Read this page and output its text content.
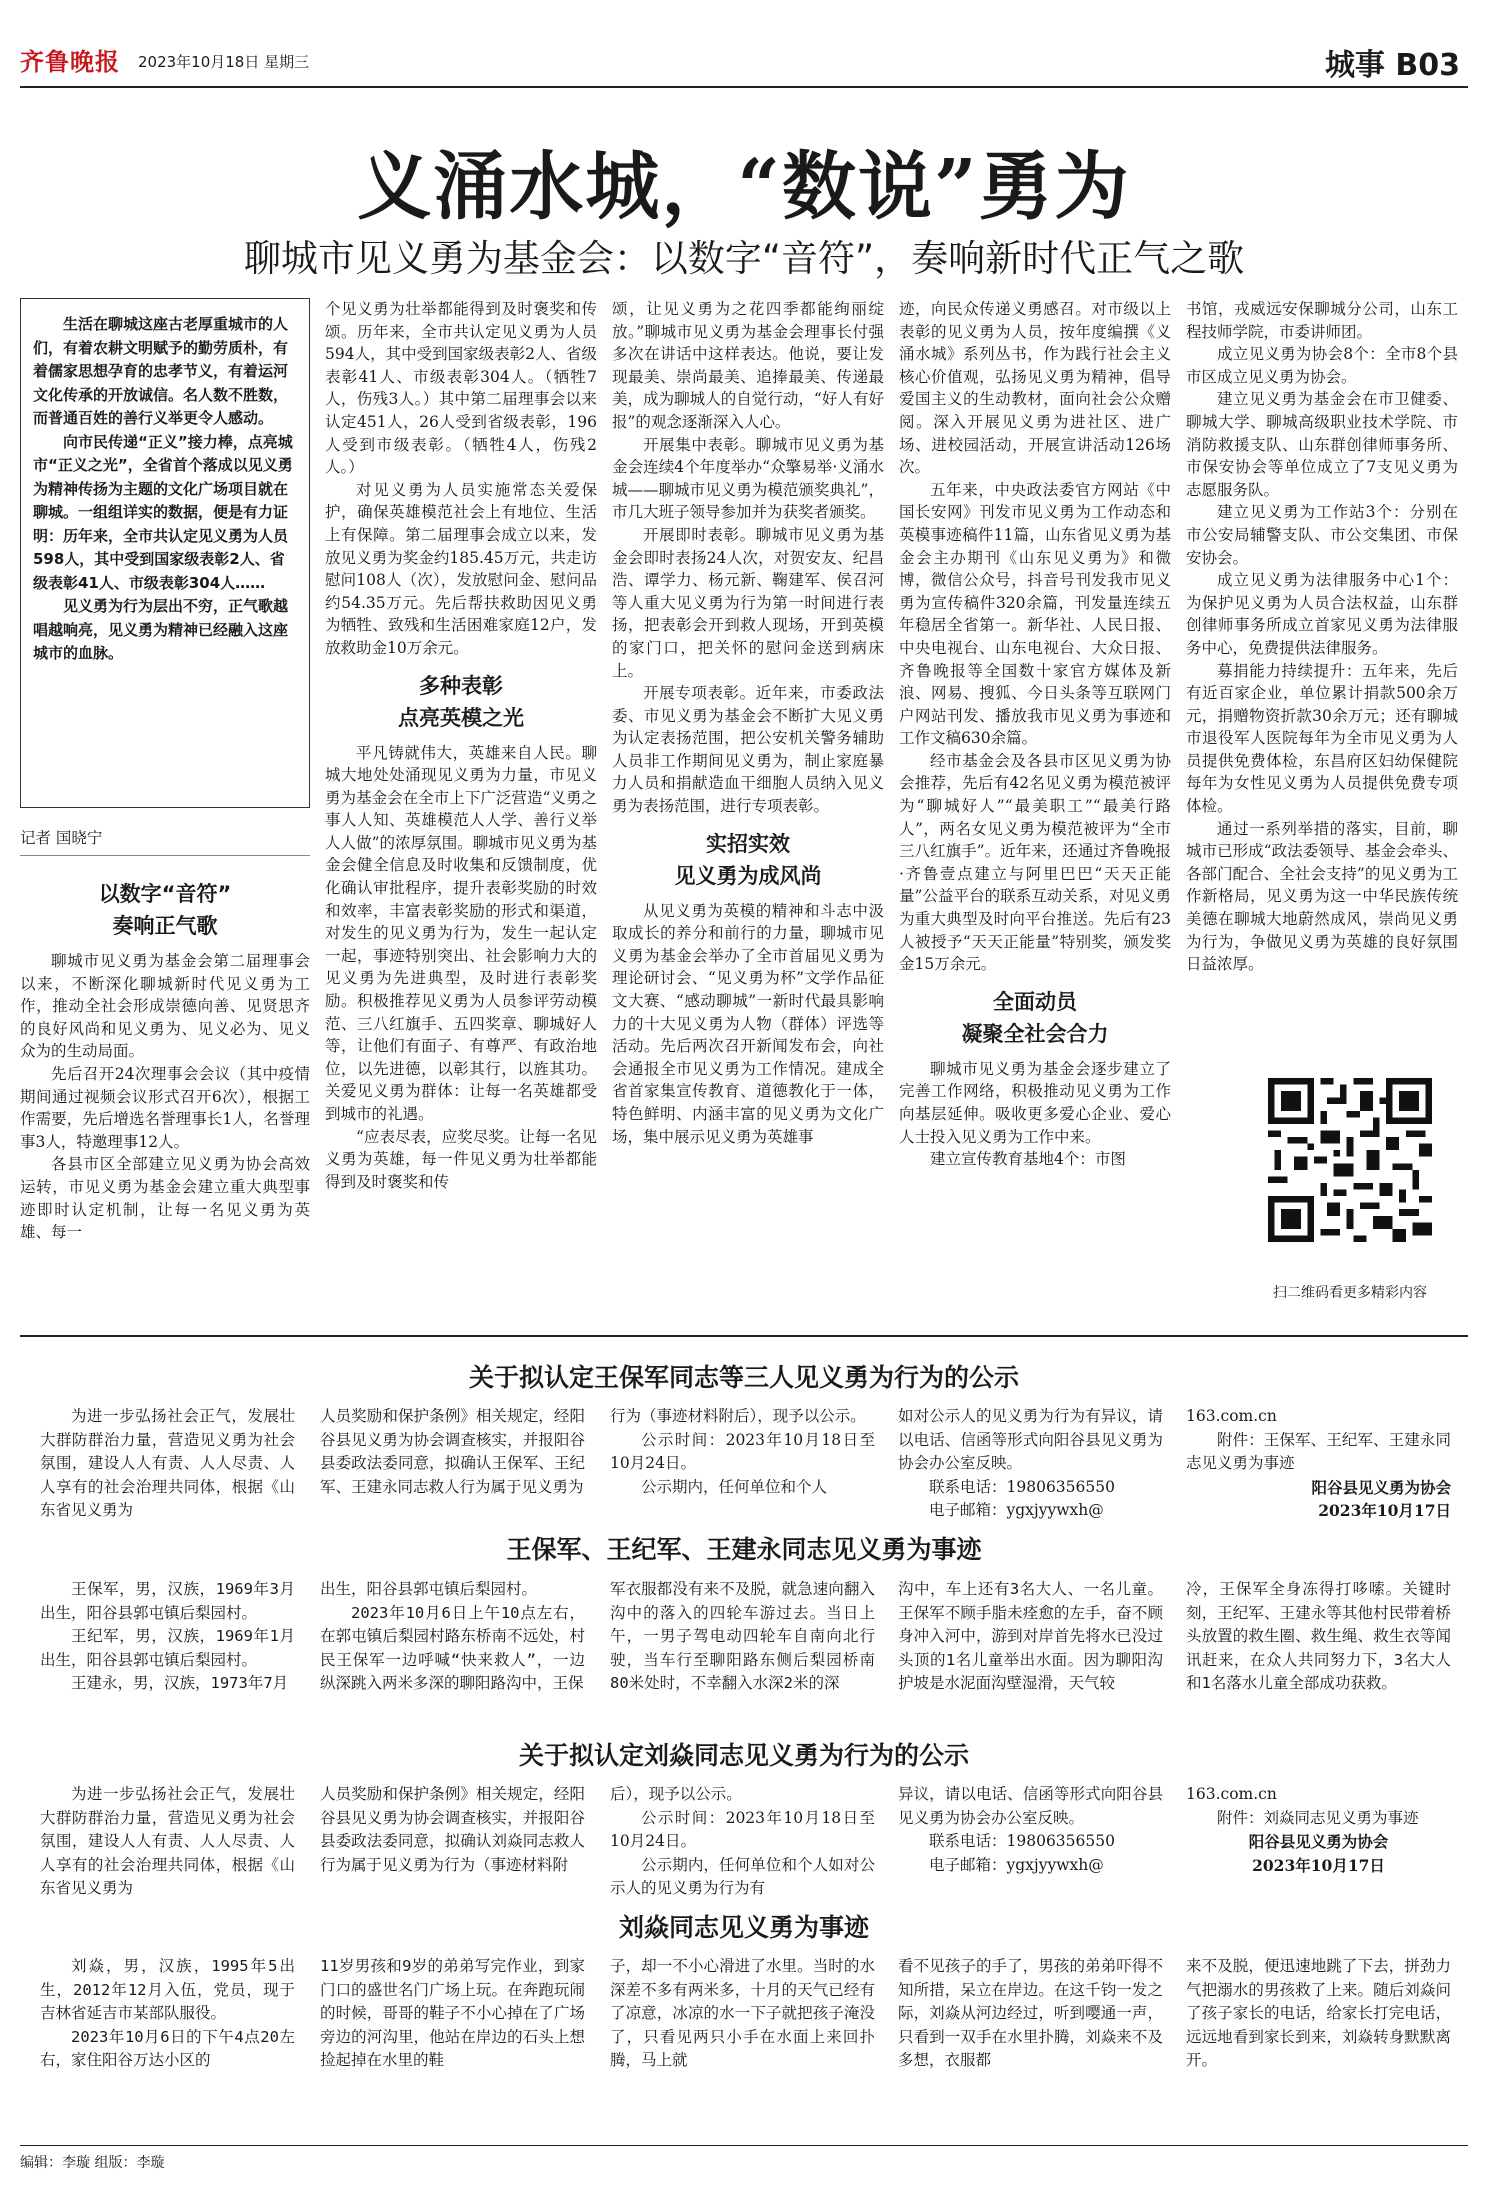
齐鲁晚报 2023年10月18日 星期三	城事 B03
义涌水城，“数说”勇为
聊城市见义勇为基金会：以数字“音符”，奏响新时代正气之歌

生活在聊城这座古老厚重城市的人们，有着农耕文明赋予的勤劳质朴，有着儒家思想孕育的忠孝节义，有着运河文化传承的开放诚信。名人数不胜数，而普通百姓的善行义举更令人感动。

向市民传递“正义”接力棒，点亮城市“正义之光”，全省首个落成以见义勇为精神传扬为主题的文化广场项目就在聊城。一组组详实的数据，便是有力证明：历年来，全市共认定见义勇为人员598人，其中受到国家级表彰2人、省级表彰41人、市级表彰304人……

见义勇为行为层出不穷，正气歌越唱越响亮，见义勇为精神已经融入这座城市的血脉。

记者 国晓宁
以数字“音符”
奏响正气歌

聊城市见义勇为基金会第二届理事会以来，不断深化聊城新时代见义勇为工作，推动全社会形成崇德向善、见贤思齐的良好风尚和见义勇为、见义必为、见义众为的生动局面。

先后召开24次理事会会议（其中疫情期间通过视频会议形式召开6次），根据工作需要，先后增选名誉理事长1人，名誉理事3人，特邀理事12人。

各县市区全部建立见义勇为协会高效运转，市见义勇为基金会建立重大典型事迹即时认定机制，让每一名见义勇为英雄、每一

个见义勇为壮举都能得到及时褒奖和传颂。历年来，全市共认定见义勇为人员594人，其中受到国家级表彰2人、省级表彰41人、市级表彰304人。（牺牲7人，伤残3人。）其中第二届理事会以来认定451人，26人受到省级表彰，196人受到市级表彰。（牺牲4人，伤残2人。）

对见义勇为人员实施常态关爱保护，确保英雄模范社会上有地位、生活上有保障。第二届理事会成立以来，发放见义勇为奖金约185.45万元，共走访慰问108人（次），发放慰问金、慰问品约54.35万元。先后帮扶救助因见义勇为牺牲、致残和生活困难家庭12户，发放救助金10万余元。

多种表彰
点亮英模之光

平凡铸就伟大，英雄来自人民。聊城大地处处涌现见义勇为力量，市见义勇为基金会在全市上下广泛营造“义勇之事人人知、英雄模范人人学、善行义举人人做”的浓厚氛围。聊城市见义勇为基金会健全信息及时收集和反馈制度，优化确认审批程序，提升表彰奖励的时效和效率，丰富表彰奖励的形式和渠道，对发生的见义勇为行为，发生一起认定一起，事迹特别突出、社会影响力大的见义勇为先进典型，及时进行表彰奖励。积极推荐见义勇为人员参评劳动模范、三八红旗手、五四奖章、聊城好人等，让他们有面子、有尊严、有政治地位，以先进德，以彰其行，以旌其功。关爱见义勇为群体：让每一名英雄都受到城市的礼遇。

“应表尽表，应奖尽奖。让每一名见义勇为英雄，每一件见义勇为壮举都能得到及时褒奖和传

颂，让见义勇为之花四季都能绚丽绽放。”聊城市见义勇为基金会理事长付强多次在讲话中这样表达。他说，要让发现最美、崇尚最美、追捧最美、传递最美，成为聊城人的自觉行动，“好人有好报”的观念逐渐深入人心。

开展集中表彰。聊城市见义勇为基金会连续4个年度举办“众擎易举·义涌水城——聊城市见义勇为模范颁奖典礼”，市几大班子领导参加并为获奖者颁奖。

开展即时表彰。聊城市见义勇为基金会即时表扬24人次，对贺安友、纪昌浩、谭学力、杨元新、鞠建军、侯召河等人重大见义勇为行为第一时间进行表扬，把表彰会开到救人现场，开到英模的家门口，把关怀的慰问金送到病床上。

开展专项表彰。近年来，市委政法委、市见义勇为基金会不断扩大见义勇为认定表扬范围，把公安机关警务辅助人员非工作期间见义勇为，制止家庭暴力人员和捐献造血干细胞人员纳入见义勇为表扬范围，进行专项表彰。

实招实效
见义勇为成风尚

从见义勇为英模的精神和斗志中汲取成长的养分和前行的力量，聊城市见义勇为基金会举办了全市首届见义勇为理论研讨会、“见义勇为杯”文学作品征文大赛、“感动聊城”一新时代最具影响力的十大见义勇为人物（群体）评选等活动。先后两次召开新闻发布会，向社会通报全市见义勇为工作情况。建成全省首家集宣传教育、道德教化于一体，特色鲜明、内涵丰富的见义勇为文化广场，集中展示见义勇为英雄事

迹，向民众传递义勇感召。对市级以上表彰的见义勇为人员，按年度编撰《义涌水城》系列丛书，作为践行社会主义核心价值观，弘扬见义勇为精神，倡导爱国主义的生动教材，面向社会公众赠阅。深入开展见义勇为进社区、进广场、进校园活动，开展宣讲活动126场次。

五年来，中央政法委官方网站《中国长安网》刊发市见义勇为工作动态和英模事迹稿件11篇，山东省见义勇为基金会主办期刊《山东见义勇为》和微博，微信公众号，抖音号刊发我市见义勇为宣传稿件320余篇，刊发量连续五年稳居全省第一。新华社、人民日报、中央电视台、山东电视台、大众日报、齐鲁晚报等全国数十家官方媒体及新浪、网易、搜狐、今日头条等互联网门户网站刊发、播放我市见义勇为事迹和工作文稿630余篇。

经市基金会及各县市区见义勇为协会推荐，先后有42名见义勇为模范被评为“聊城好人”“最美职工”“最美行路人”，两名女见义勇为模范被评为“全市三八红旗手”。近年来，还通过齐鲁晚报·齐鲁壹点建立与阿里巴巴“天天正能量”公益平台的联系互动关系，对见义勇为重大典型及时向平台推送。先后有23人被授予“天天正能量”特别奖，颁发奖金15万余元。

全面动员
凝聚全社会合力

聊城市见义勇为基金会逐步建立了完善工作网络，积极推动见义勇为工作向基层延伸。吸收更多爱心企业、爱心人士投入见义勇为工作中来。

建立宣传教育基地4个：市图

书馆，戎威远安保聊城分公司，山东工程技师学院，市委讲师团。

成立见义勇为协会8个：全市8个县市区成立见义勇为协会。

建立见义勇为基金会在市卫健委、聊城大学、聊城高级职业技术学院、市消防救援支队、山东群创律师事务所、市保安协会等单位成立了7支见义勇为志愿服务队。

建立见义勇为工作站3个：分别在市公安局辅警支队、市公交集团、市保安协会。

成立见义勇为法律服务中心1个：为保护见义勇为人员合法权益，山东群创律师事务所成立首家见义勇为法律服务中心，免费提供法律服务。

募捐能力持续提升：五年来，先后有近百家企业，单位累计捐款500余万元，捐赠物资折款30余万元；还有聊城市退役军人医院每年为全市见义勇为人员提供免费体检，东昌府区妇幼保健院每年为女性见义勇为人员提供免费专项体检。

通过一系列举措的落实，目前，聊城市已形成“政法委领导、基金会牵头、各部门配合、全社会支持”的见义勇为工作新格局，见义勇为这一中华民族传统美德在聊城大地蔚然成风，崇尚见义勇为行为，争做见义勇为英雄的良好氛围日益浓厚。

扫二维码看更多精彩内容
关于拟认定王保军同志等三人见义勇为行为的公示

为进一步弘扬社会正气，发展壮大群防群治力量，营造见义勇为社会氛围，建设人人有责、人人尽责、人人享有的社会治理共同体，根据《山东省见义勇为

人员奖励和保护条例》相关规定，经阳谷县见义勇为协会调查核实，并报阳谷县委政法委同意，拟确认王保军、王纪军、王建永同志救人行为属于见义勇为

行为（事迹材料附后），现予以公示。

公示时间：2023年10月18日至10月24日。

公示期内，任何单位和个人

如对公示人的见义勇为行为有异议，请以电话、信函等形式向阳谷县见义勇为协会办公室反映。

联系电话：19806356550

电子邮箱：ygxjyywxh@

163.com.cn

附件：王保军、王纪军、王建永同志见义勇为事迹

阳谷县见义勇为协会

2023年10月17日

王保军、王纪军、王建永同志见义勇为事迹

王保军，男，汉族，1969年3月出生，阳谷县郭屯镇后梨园村。

王纪军，男，汉族，1969年1月出生，阳谷县郭屯镇后梨园村。

王建永，男，汉族，1973年7月

出生，阳谷县郭屯镇后梨园村。

2023年10月6日上午10点左右，在郭屯镇后梨园村路东桥南不远处，村民王保军一边呼喊“快来救人”，一边纵深跳入两米多深的聊阳路沟中，王保

军衣服都没有来不及脱，就急速向翻入沟中的落入的四轮车游过去。当日上午，一男子驾电动四轮车自南向北行驶，当车行至聊阳路东侧后梨园桥南80米处时，不幸翻入水深2米的深

沟中，车上还有3名大人、一名儿童。王保军不顾手脂未痊愈的左手，奋不顾身冲入河中，游到对岸首先将水已没过头顶的1名儿童举出水面。因为聊阳沟护坡是水泥面沟壁湿滑，天气较

冷，王保军全身冻得打哆嗦。关键时刻，王纪军、王建永等其他村民带着桥头放置的救生圈、救生绳、救生衣等闻讯赶来，在众人共同努力下，3名大人和1名落水儿童全部成功获救。

关于拟认定刘焱同志见义勇为行为的公示

为进一步弘扬社会正气，发展壮大群防群治力量，营造见义勇为社会氛围，建设人人有责、人人尽责、人人享有的社会治理共同体，根据《山东省见义勇为

人员奖励和保护条例》相关规定，经阳谷县见义勇为协会调查核实，并报阳谷县委政法委同意，拟确认刘焱同志救人行为属于见义勇为行为（事迹材料附

后），现予以公示。

公示时间：2023年10月18日至10月24日。

公示期内，任何单位和个人如对公示人的见义勇为行为有

异议，请以电话、信函等形式向阳谷县见义勇为协会办公室反映。

联系电话：19806356550

电子邮箱：ygxjyywxh@

163.com.cn

附件：刘焱同志见义勇为事迹

阳谷县见义勇为协会

2023年10月17日

刘焱同志见义勇为事迹

刘焱，男，汉族，1995年5出生，2012年12月入伍，党员，现于吉林省延吉市某部队服役。

2023年10月6日的下午4点20左右，家住阳谷万达小区的

11岁男孩和9岁的弟弟写完作业，到家门口的盛世名门广场上玩。在奔跑玩闹的时候，哥哥的鞋子不小心掉在了广场旁边的河沟里，他站在岸边的石头上想捡起掉在水里的鞋

子，却一不小心滑进了水里。当时的水深差不多有两米多，十月的天气已经有了凉意，冰凉的水一下子就把孩子淹没了，只看见两只小手在水面上来回扑腾，马上就

看不见孩子的手了，男孩的弟弟吓得不知所措，呆立在岸边。在这千钧一发之际，刘焱从河边经过，听到嘤通一声，只看到一双手在水里扑腾，刘焱来不及多想，衣服都

来不及脱，便迅速地跳了下去，拼劲力气把溺水的男孩救了上来。随后刘焱问了孩子家长的电话，给家长打完电话，远远地看到家长到来，刘焱转身默默离开。

编辑：李璇 组版：李璇
